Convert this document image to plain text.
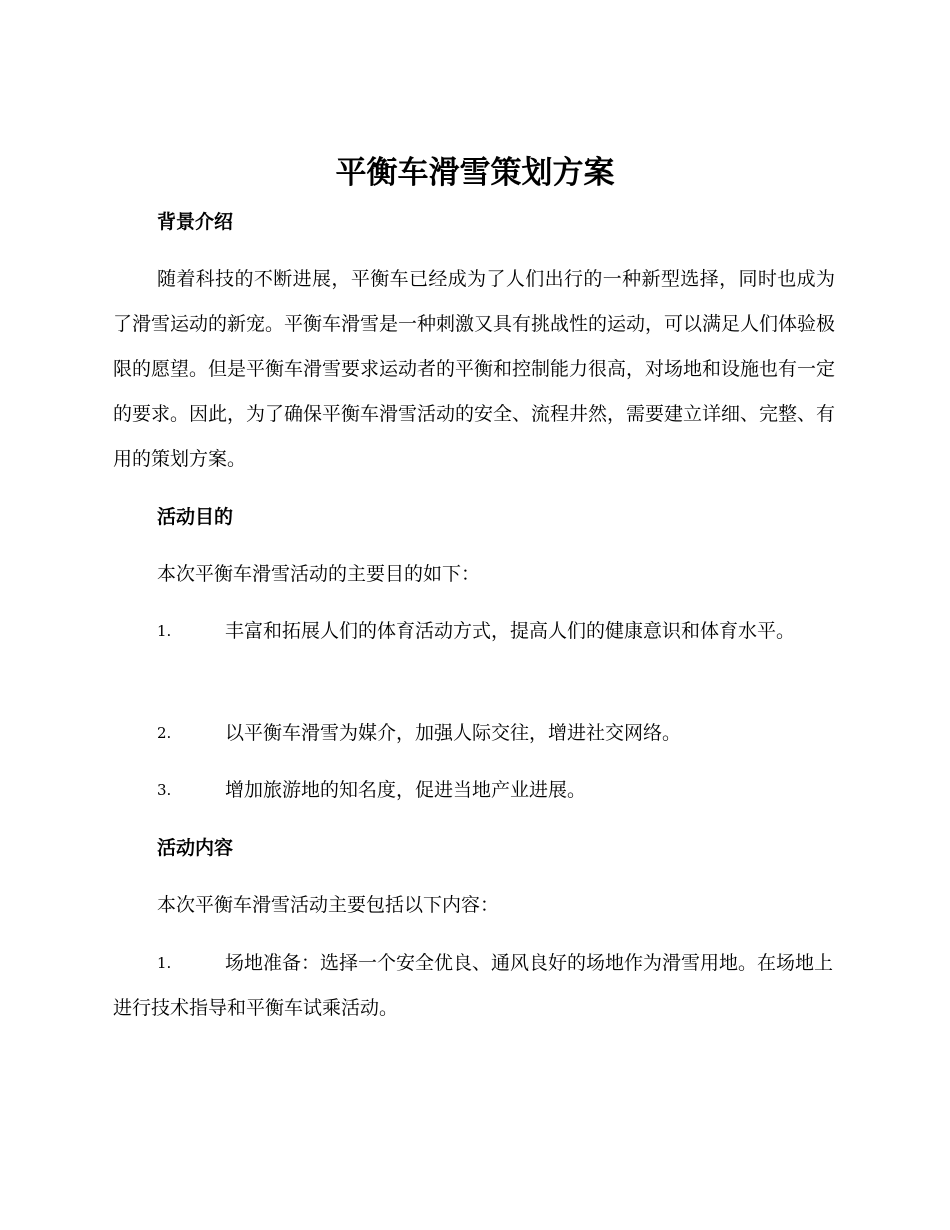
平衡车滑雪策划方案
背景介绍

随着科技的不断进展，平衡车已经成为了人们出行的一种新型选择，同时也成为了滑雪运动的新宠。平衡车滑雪是一种刺激又具有挑战性的运动，可以满足人们体验极限的愿望。但是平衡车滑雪要求运动者的平衡和控制能力很高，对场地和设施也有一定的要求。因此，为了确保平衡车滑雪活动的安全、流程井然，需要建立详细、完整、有用的策划方案。

活动目的

本次平衡车滑雪活动的主要目的如下：

1.	丰富和拓展人们的体育活动方式，提高人们的健康意识和体育水平。
2.	以平衡车滑雪为媒介，加强人际交往，增进社交网络。
3.	增加旅游地的知名度，促进当地产业进展。
活动内容

本次平衡车滑雪活动主要包括以下内容：

1.	场地准备：选择一个安全优良、通风良好的场地作为滑雪用地。在场地上进行技术指导和平衡车试乘活动。
